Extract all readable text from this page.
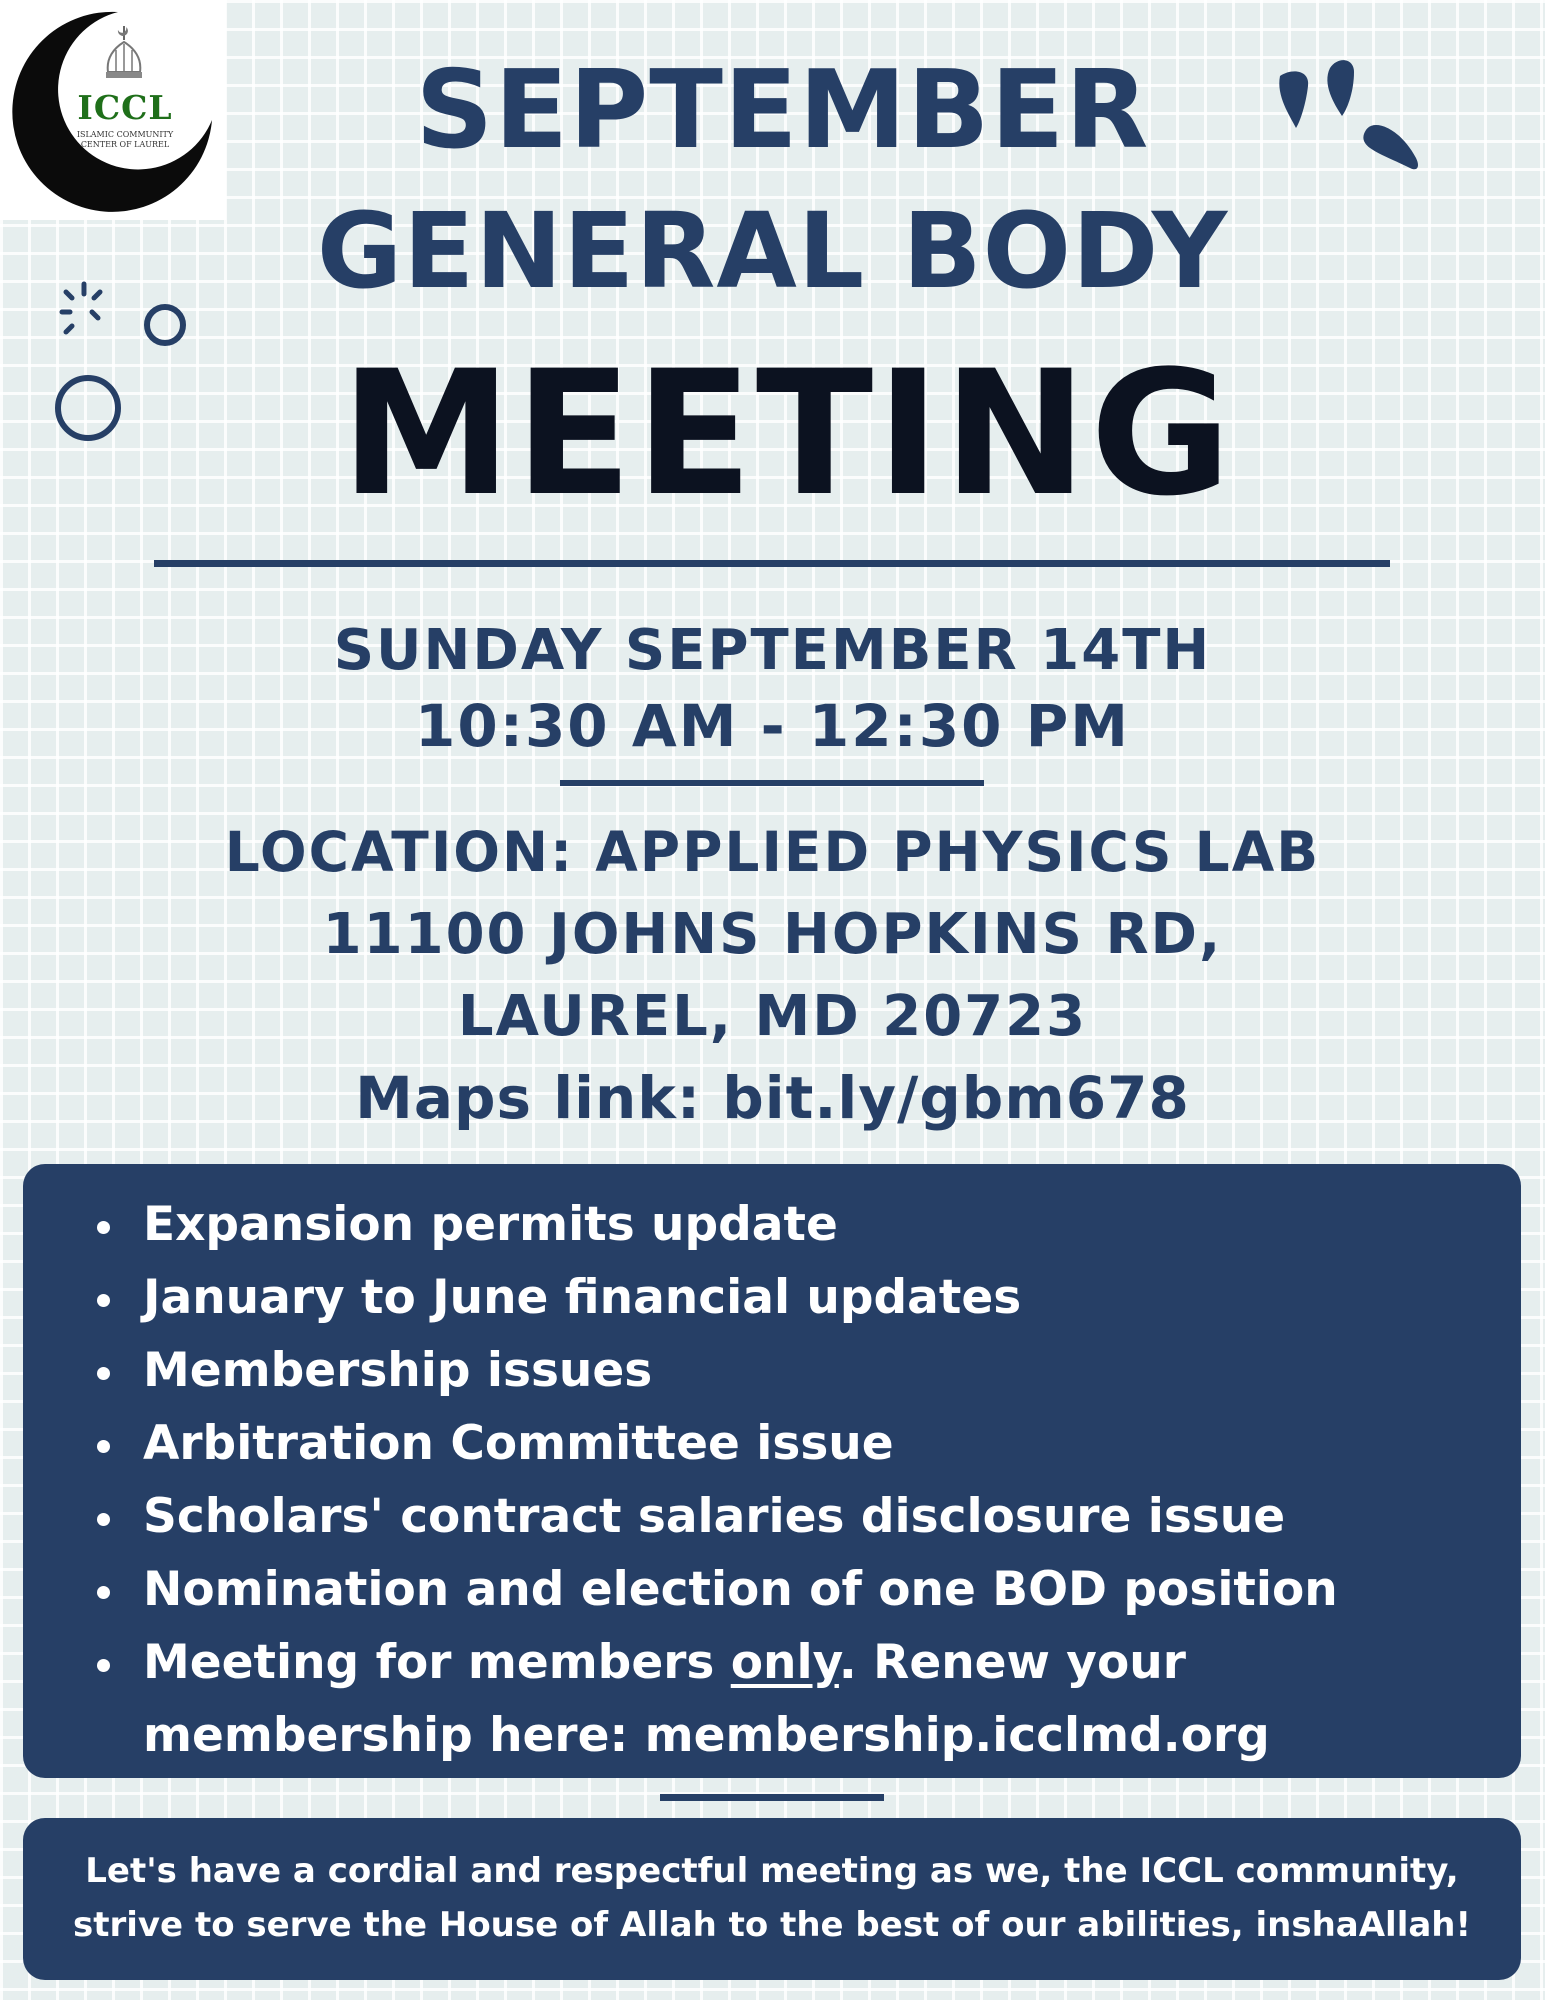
ICCL
ISLAMIC COMMUNITY
CENTER OF LAUREL	SEPTEMBER
GENERAL BODY
MEETING
SUNDAY SEPTEMBER 14TH
10:30 AM - 12:30 PM
LOCATION: APPLIED PHYSICS LAB
11100 JOHNS HOPKINS RD,
LAUREL, MD 20723
Maps link: bit.ly/gbm678
Expansion permits update
January to June financial updates
Membership issues
Arbitration Committee issue
Scholars' contract salaries disclosure issue
Nomination and election of one BOD position
Meeting for members only. Renew your
membership here: membership.icclmd.org
Let's have a cordial and respectful meeting as we, the ICCL community,
strive to serve the House of Allah to the best of our abilities, inshaAllah!
